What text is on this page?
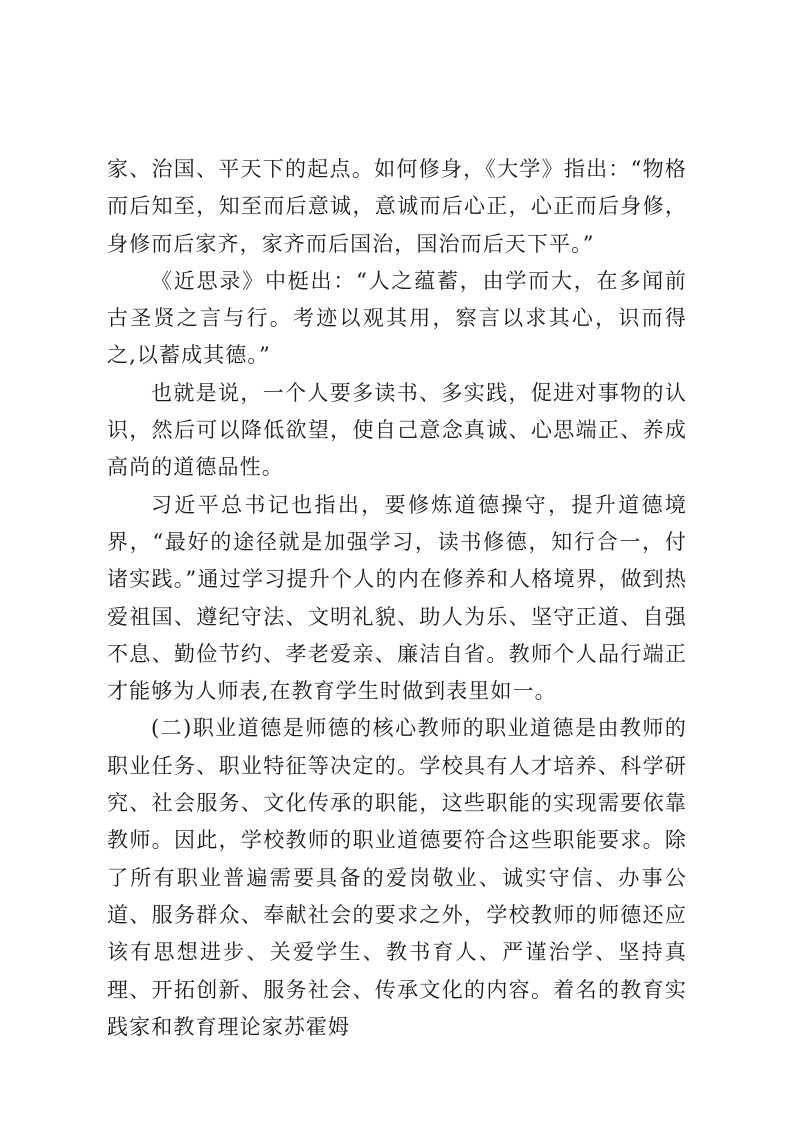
家、治国、平天下的起点。如何修身，《大学》指出：“物格而后知至，知至而后意诚，意诚而后心正，心正而后身修，身修而后家齐，家齐而后国治，国治而后天下平。”

《近思录》中梃出：“人之蕴蓄，由学而大，在多闻前古圣贤之言与行。考迹以观其用，察言以求其心，识而得之,以蓄成其德。”

也就是说，一个人要多读书、多实践，促进对事物的认识，然后可以降低欲望，使自己意念真诚、心思端正、养成高尚的道德品性。

习近平总书记也指出，要修炼道德操守，提升道德境界，“最好的途径就是加强学习，读书修德，知行合一，付诸实践。”通过学习提升个人的内在修养和人格境界，做到热爱祖国、遵纪守法、文明礼貌、助人为乐、坚守正道、自强不息、勤俭节约、孝老爱亲、廉洁自省。教师个人品行端正才能够为人师表,在教育学生时做到表里如一。

(二)职业道德是师德的核心教师的职业道德是由教师的职业任务、职业特征等决定的。学校具有人才培养、科学研究、社会服务、文化传承的职能，这些职能的实现需要依靠教师。因此，学校教师的职业道德要符合这些职能要求。除了所有职业普遍需要具备的爱岗敬业、诚实守信、办事公道、服务群众、奉献社会的要求之外，学校教师的师德还应该有思想进步、关爱学生、教书育人、严谨治学、坚持真理、开拓创新、服务社会、传承文化的内容。着名的教育实践家和教育理论家苏霍姆
